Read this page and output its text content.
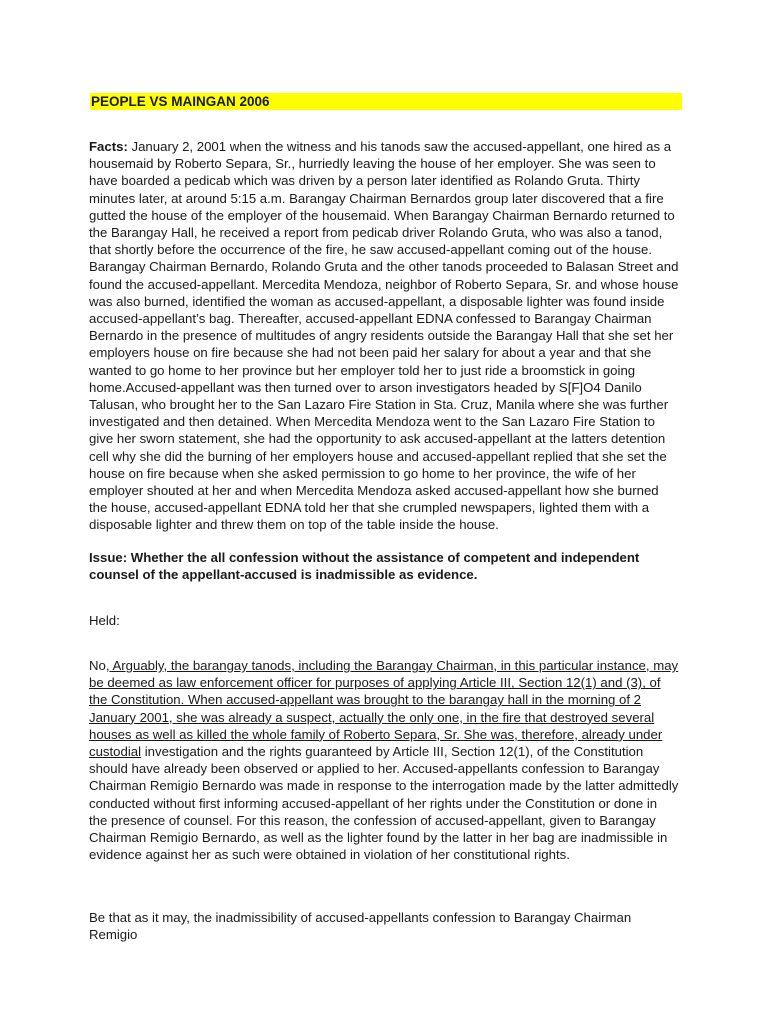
PEOPLE VS MAINGAN 2006
Facts: January 2, 2001 when the witness and his tanods saw the accused-appellant, one hired as a housemaid by Roberto Separa, Sr., hurriedly leaving the house of her employer. She was seen to have boarded a pedicab which was driven by a person later identified as Rolando Gruta. Thirty minutes later, at around 5:15 a.m. Barangay Chairman Bernardos group later discovered that a fire gutted the house of the employer of the housemaid. When Barangay Chairman Bernardo returned to the Barangay Hall, he received a report from pedicab driver Rolando Gruta, who was also a tanod, that shortly before the occurrence of the fire, he saw accused-appellant coming out of the house. Barangay Chairman Bernardo, Rolando Gruta and the other tanods proceeded to Balasan Street and found the accused-appellant. Mercedita Mendoza, neighbor of Roberto Separa, Sr. and whose house was also burned, identified the woman as accused-appellant, a disposable lighter was found inside accused-appellant’s bag. Thereafter, accused-appellant EDNA confessed to Barangay Chairman Bernardo in the presence of multitudes of angry residents outside the Barangay Hall that she set her employers house on fire because she had not been paid her salary for about a year and that she wanted to go home to her province but her employer told her to just ride a broomstick in going home.Accused-appellant was then turned over to arson investigators headed by S[F]O4 Danilo Talusan, who brought her to the San Lazaro Fire Station in Sta. Cruz, Manila where she was further investigated and then detained. When Mercedita Mendoza went to the San Lazaro Fire Station to give her sworn statement, she had the opportunity to ask accused-appellant at the latters detention cell why she did the burning of her employers house and accused-appellant replied that she set the house on fire because when she asked permission to go home to her province, the wife of her employer shouted at her and when Mercedita Mendoza asked accused-appellant how she burned the house, accused-appellant EDNA told her that she crumpled newspapers, lighted them with a disposable lighter and threw them on top of the table inside the house.
Issue: Whether the all confession without the assistance of competent and independent counsel of the appellant-accused is inadmissible as evidence.
Held:
No, Arguably, the barangay tanods, including the Barangay Chairman, in this particular instance, may be deemed as law enforcement officer for purposes of applying Article III, Section 12(1) and (3), of the Constitution. When accused-appellant was brought to the barangay hall in the morning of 2 January 2001, she was already a suspect, actually the only one, in the fire that destroyed several houses as well as killed the whole family of Roberto Separa, Sr. She was, therefore, already under custodial investigation and the rights guaranteed by Article III, Section 12(1), of the Constitution should have already been observed or applied to her. Accused-appellants confession to Barangay Chairman Remigio Bernardo was made in response to the interrogation made by the latter admittedly conducted without first informing accused-appellant of her rights under the Constitution or done in the presence of counsel. For this reason, the confession of accused-appellant, given to Barangay Chairman Remigio Bernardo, as well as the lighter found by the latter in her bag are inadmissible in evidence against her as such were obtained in violation of her constitutional rights.
Be that as it may, the inadmissibility of accused-appellants confession to Barangay Chairman Remigio
